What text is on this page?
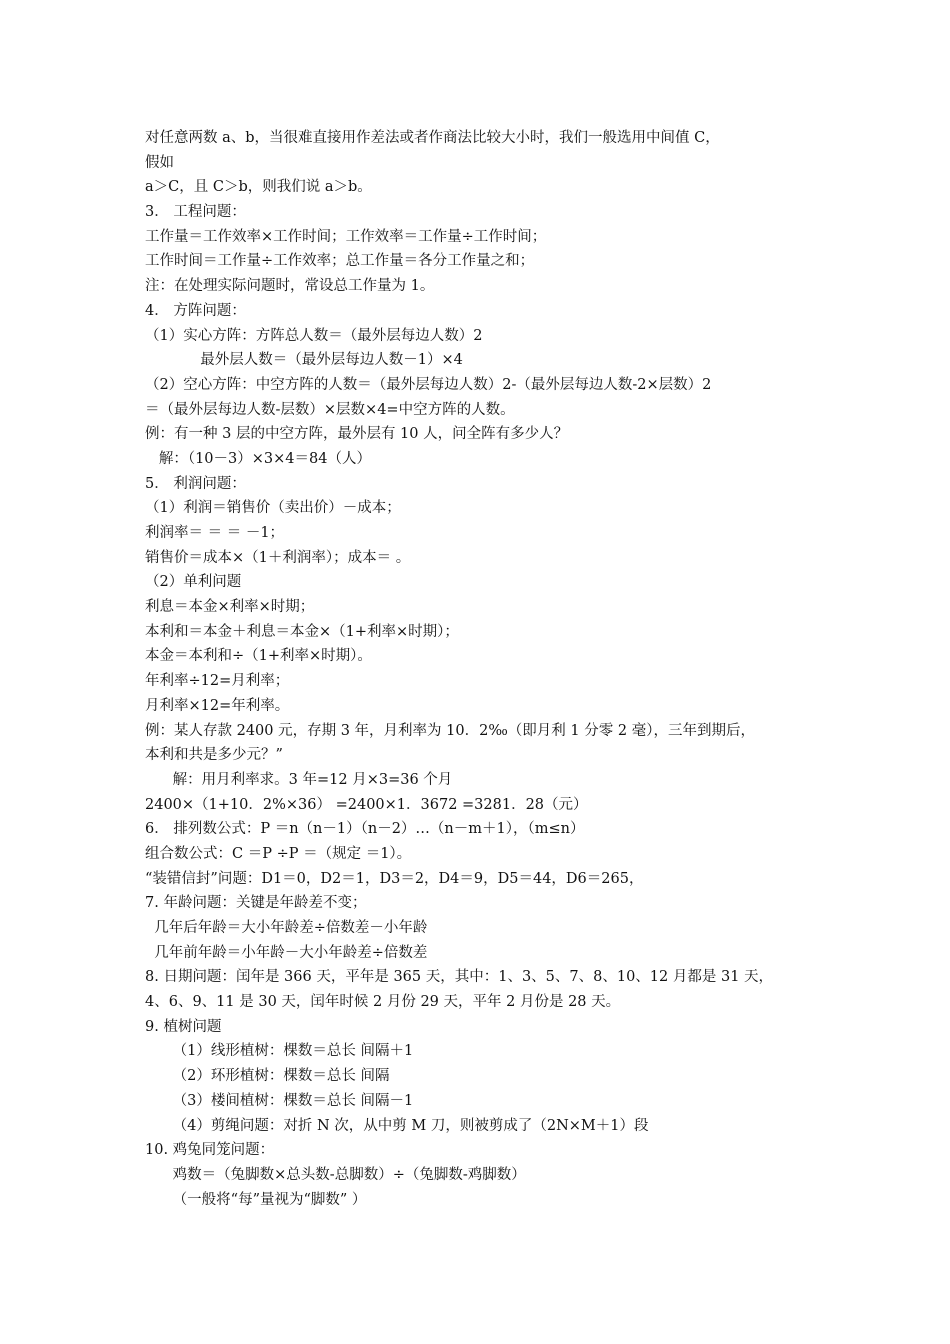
对任意两数 a、b，当很难直接用作差法或者作商法比较大小时，我们一般选用中间值 C，
假如
a＞C，且 C＞b，则我们说 a＞b。
3． 工程问题：
工作量＝工作效率×工作时间；工作效率＝工作量÷工作时间；
工作时间＝工作量÷工作效率；总工作量＝各分工作量之和；
注：在处理实际问题时，常设总工作量为 1。
4． 方阵问题：
（1）实心方阵：方阵总人数＝（最外层每边人数）2
最外层人数＝（最外层每边人数－1）×4
（2）空心方阵：中空方阵的人数＝（最外层每边人数）2-（最外层每边人数-2×层数）2
＝（最外层每边人数-层数）×层数×4=中空方阵的人数。
例：有一种 3 层的中空方阵，最外层有 10 人，问全阵有多少人？
解：（10－3）×3×4＝84（人）
5． 利润问题：
（1）利润＝销售价（卖出价）－成本；
利润率＝ ＝ ＝ －1；
销售价＝成本×（1＋利润率）；成本＝ 。
（2）单利问题
利息＝本金×利率×时期；
本利和＝本金＋利息＝本金×（1+利率×时期）；
本金＝本利和÷（1+利率×时期）。
年利率÷12=月利率；
月利率×12=年利率。
例：某人存款 2400 元，存期 3 年，月利率为 10．2‰（即月利 1 分零 2 毫），三年到期后，
本利和共是多少元？”
解：用月利率求。3 年=12 月×3=36 个月
2400×（1+10．2%×36） =2400×1．3672 =3281．28（元）
6． 排列数公式：P ＝n（n－1）（n－2）…（n－m＋1），（m≤n）
组合数公式：C ＝P ÷P ＝（规定 ＝1）。
“装错信封”问题：D1＝0，D2＝1，D3＝2，D4＝9，D5＝44，D6＝265，
7. 年龄问题：关键是年龄差不变；
几年后年龄＝大小年龄差÷倍数差－小年龄
几年前年龄＝小年龄－大小年龄差÷倍数差
8. 日期问题：闰年是 366 天，平年是 365 天，其中：1、3、5、7、8、10、12 月都是 31 天，
4、6、9、11 是 30 天，闰年时候 2 月份 29 天，平年 2 月份是 28 天。
9. 植树问题
（1）线形植树：棵数＝总长 间隔＋1
（2）环形植树：棵数＝总长 间隔
（3）楼间植树：棵数＝总长 间隔－1
（4）剪绳问题：对折 N 次，从中剪 M 刀，则被剪成了（2N×M＋1）段
10. 鸡兔同笼问题：
鸡数＝（兔脚数×总头数-总脚数）÷（兔脚数-鸡脚数）
（一般将“每”量视为“脚数” ）
